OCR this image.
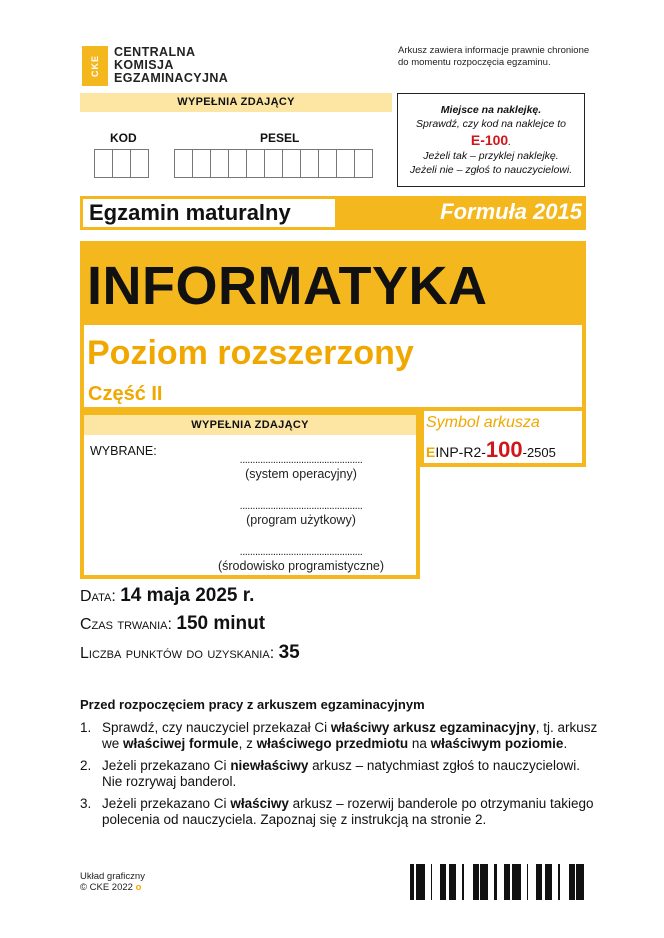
CKE
CENTRALNA
KOMISJA
EGZAMINACYJNA
Arkusz zawiera informacje prawnie chronione do momentu rozpoczęcia egzaminu.
WYPEŁNIA ZDAJĄCY
KOD	PESEL
Miejsce na naklejkę.
Sprawdź, czy kod na naklejce to
E-100.
Jeżeli tak – przyklej naklejkę.
Jeżeli nie – zgłoś to nauczycielowi.
Egzamin maturalny	Formuła 2015
INFORMATYKA
Poziom rozszerzony
Część II
WYPEŁNIA ZDAJĄCY
WYBRANE:
................................................
(system operacyjny)
................................................
(program użytkowy)
................................................
(środowisko programistyczne)
Symbol arkusza
EINP-R2-100-2505
Data: 14 maja 2025 r.
Czas trwania: 150 minut
Liczba punktów do uzyskania: 35
Przed rozpoczęciem pracy z arkuszem egzaminacyjnym
1. Sprawdź, czy nauczyciel przekazał Ci właściwy arkusz egzaminacyjny, tj. arkusz we właściwej formule, z właściwego przedmiotu na właściwym poziomie.
2. Jeżeli przekazano Ci niewłaściwy arkusz – natychmiast zgłoś to nauczycielowi. Nie rozrywaj banderol.
3. Jeżeli przekazano Ci właściwy arkusz – rozerwij banderole po otrzymaniu takiego polecenia od nauczyciela. Zapoznaj się z instrukcją na stronie 2.
Układ graficzny
© CKE 2022 o
